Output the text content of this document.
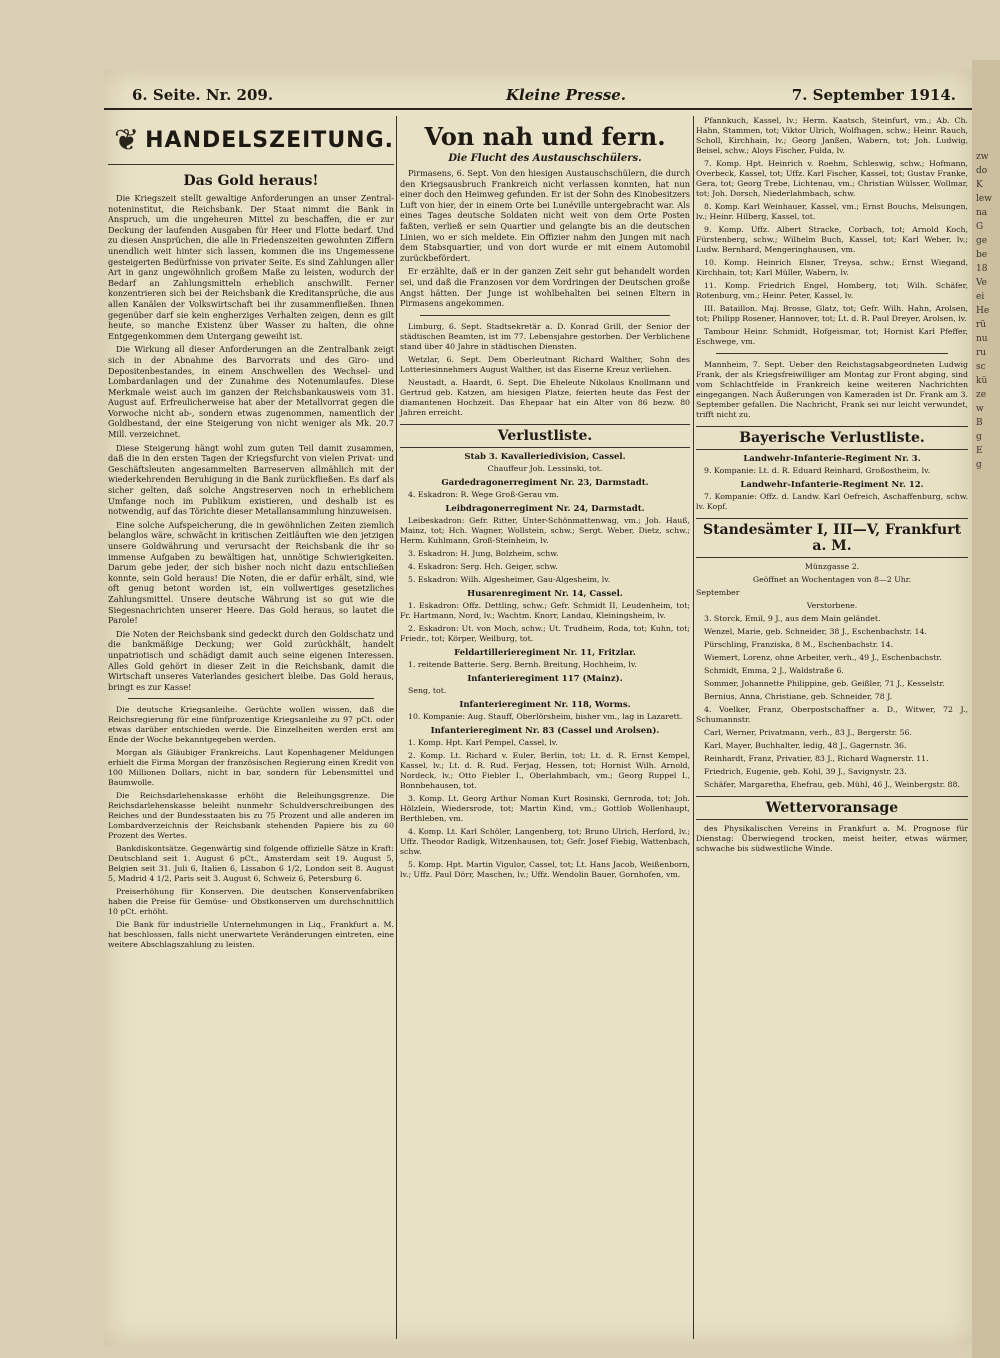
zw
do
K
lew
na
G
ge
be
18
Ve
ei
He
rü
nu
ru
sc
kü
ze
w
B
g
E
g
6. Seite. Nr. 209.	Kleine Presse.	7. September 1914.
❦ HANDELSZEITUNG.
Das Gold heraus!

Die Kriegszeit stellt gewaltige Anforderungen an unser Zentral-noteninstitut, die Reichsbank. Der Staat nimmt die Bank in Anspruch, um die ungeheuren Mittel zu beschaffen, die er zur Deckung der laufenden Ausgaben für Heer und Flotte bedarf. Und zu diesen Ansprüchen, die alle in Friedenszeiten gewohnten Ziffern unendlich weit hinter sich lassen, kommen die ins Ungemessene gesteigerten Bedürfnisse von privater Seite. Es sind Zahlungen aller Art in ganz ungewöhnlich großem Maße zu leisten, wodurch der Bedarf an Zahlungsmitteln erheblich anschwillt. Ferner konzentrieren sich bei der Reichsbank die Kreditansprüche, die aus allen Kanälen der Volkswirtschaft bei ihr zusammenfließen. Ihnen gegenüber darf sie kein engherziges Verhalten zeigen, denn es gilt heute, so manche Existenz über Wasser zu halten, die ohne Entgegenkommen dem Untergang geweiht ist.

Die Wirkung all dieser Anforderungen an die Zentralbank zeigt sich in der Abnahme des Barvorrats und des Giro- und Depositenbestandes, in einem Anschwellen des Wechsel- und Lombardanlagen und der Zunahme des Notenumlaufes. Diese Merkmale weist auch im ganzen der Reichsbankausweis vom 31. August auf. Erfreulicherweise hat aber der Metallvorrat gegen die Vorwoche nicht ab-, sondern etwas zugenommen, namentlich der Goldbestand, der eine Steigerung von nicht weniger als Mk. 20.7 Mill. verzeichnet.

Diese Steigerung hängt wohl zum guten Teil damit zusammen, daß die in den ersten Tagen der Kriegsfurcht von vielen Privat- und Geschäftsleuten angesammelten Barreserven allmählich mit der wiederkehrenden Beruhigung in die Bank zurückfließen. Es darf als sicher gelten, daß solche Angstreserven noch in erheblichem Umfange noch im Publikum existieren, und deshalb ist es notwendig, auf das Törichte dieser Metallansammlung hinzuweisen.

Eine solche Aufspeicherung, die in gewöhnlichen Zeiten ziemlich belanglos wäre, schwächt in kritischen Zeitläuften wie den jetzigen unsere Goldwährung und verursacht der Reichsbank die ihr so immense Aufgaben zu bewältigen hat, unnötige Schwierigkeiten. Darum gebe jeder, der sich bisher noch nicht dazu entschließen konnte, sein Gold heraus! Die Noten, die er dafür erhält, sind, wie oft genug betont worden ist, ein vollwertiges gesetzliches Zahlungsmittel. Unsere deutsche Währung ist so gut wie die Siegesnachrichten unserer Heere. Das Gold heraus, so lautet die Parole!

Die Noten der Reichsbank sind gedeckt durch den Goldschatz und die bankmäßige Deckung; wer Gold zurückhält, handelt unpatriotisch und schädigt damit auch seine eigenen Interessen. Alles Gold gehört in dieser Zeit in die Reichsbank, damit die Wirtschaft unseres Vaterlandes gesichert bleibe. Das Gold heraus, bringt es zur Kasse!

Die deutsche Kriegsanleihe. Gerüchte wollen wissen, daß die Reichsregierung für eine fünfprozentige Kriegsanleihe zu 97 pCt. oder etwas darüber entschieden werde. Die Einzelheiten werden erst am Ende der Woche bekanntgegeben werden.

Morgan als Gläubiger Frankreichs. Laut Kopenhagener Meldungen erhielt die Firma Morgan der französischen Regierung einen Kredit von 100 Millionen Dollars, nicht in bar, sondern für Lebensmittel und Baumwolle.

Die Reichsdarlehenskasse erhöht die Beleihungsgrenze. Die Reichsdarlehenskasse beleiht nunmehr Schuldverschreibungen des Reiches und der Bundesstaaten bis zu 75 Prozent und alle anderen im Lombardverzeichnis der Reichsbank stehenden Papiere bis zu 60 Prozent des Wertes.

Bankdiskontsätze. Gegenwärtig sind folgende offizielle Sätze in Kraft: Deutschland seit 1. August 6 pCt., Amsterdam seit 19. August 5, Belgien seit 31. Juli 6, Italien 6, Lissabon 6 1/2, London seit 8. August 5, Madrid 4 1/2, Paris seit 3. August 6, Schweiz 6, Petersburg 6.

Preiserhöhung für Konserven. Die deutschen Konservenfabriken haben die Preise für Gemüse- und Obstkonserven um durchschnittlich 10 pCt. erhöht.

Die Bank für industrielle Unternehmungen in Liq., Frankfurt a. M. hat beschlossen, falls nicht unerwartete Veränderungen eintreten, eine weitere Abschlagszahlung zu leisten.

Von nah und fern.
Die Flucht des Austauschschülers.

Pirmasens, 6. Sept. Von den hiesigen Austauschschülern, die durch den Kriegsausbruch Frankreich nicht verlassen konnten, hat nun einer doch den Heimweg gefunden. Er ist der Sohn des Kinobesitzers Luft von hier, der in einem Orte bei Lunéville untergebracht war. Als eines Tages deutsche Soldaten nicht weit von dem Orte Posten faßten, verließ er sein Quartier und gelangte bis an die deutschen Linien, wo er sich meldete. Ein Offizier nahm den Jungen mit nach dem Stabsquartier, und von dort wurde er mit einem Automobil zurückbefördert.

Er erzählte, daß er in der ganzen Zeit sehr gut behandelt worden sei, und daß die Franzosen vor dem Vordringen der Deutschen große Angst hätten. Der Junge ist wohlbehalten bei seinen Eltern in Pirmasens angekommen.

Limburg, 6. Sept. Stadtsekretär a. D. Konrad Grill, der Senior der städtischen Beamten, ist im 77. Lebensjahre gestorben. Der Verblichene stand über 40 Jahre in städtischen Diensten.

Wetzlar, 6. Sept. Dem Oberleutnant Richard Walther, Sohn des Lotteriesinnehmers August Walther, ist das Eiserne Kreuz verliehen.

Neustadt, a. Haardt, 6. Sept. Die Eheleute Nikolaus Knollmann und Gertrud geb. Katzen, am hiesigen Platze, feierten heute das Fest der diamantenen Hochzeit. Das Ehepaar hat ein Alter von 86 bezw. 80 Jahren erreicht.

Verlustliste.
Stab 3. Kavalleriedivision, Cassel.

Chauffeur Joh. Lessinski, tot.

Gardedragonerregiment Nr. 23, Darmstadt.

4. Eskadron: R. Wege Groß-Gerau vm.

Leibdragonerregiment Nr. 24, Darmstadt.

Leibeskadron: Gefr. Ritter, Unter-Schönmattenwag, vm.; Joh. Hauß, Mainz, tot; Hch. Wagner, Wollstein, schw.; Sergt. Weber, Dietz, schw.; Herm. Kuhlmann, Groß-Steinheim, lv.

3. Eskadron: H. Jung, Bolzheim, schw.

4. Eskadron: Serg. Hch. Geiger, schw.

5. Eskadron: Wilh. Algesheimer, Gau-Algesheim, lv.

Husarenregiment Nr. 14, Cassel.

1. Eskadron: Offz. Dettling, schw.; Gefr. Schmidt II, Leudenheim, tot; Fr. Hartmann, Nord, lv.; Wachtm. Knorr, Landau, Kleiningsheim, lv.

2. Eskadron: Ut. von Moch, schw.; Ut. Trudheim, Roda, tot; Kuhn, tot; Friedr., tot; Körper, Weilburg, tot.

Feldartillerieregiment Nr. 11, Fritzlar.

1. reitende Batterie. Serg. Bernh. Breitung, Hochheim, lv.

Infanterieregiment 117 (Mainz).

Seng, tot.

Infanterieregiment Nr. 118, Worms.

10. Kompanie: Aug. Stauff, Oberlörsheim, bisher vm., lag in Lazarett.

Infanterieregiment Nr. 83 (Cassel und Arolsen).

1. Komp. Hpt. Karl Pempel, Cassel, lv.

2. Komp. Lt. Richard v. Euler, Berlin, tot; Lt. d. R. Ernst Kempel, Kassel, lv.; Lt. d. R. Rud. Ferjag, Hessen, tot; Hornist Wilh. Arnold, Nordeck, lv.; Otto Fiebler I., Oberlahmbach, vm.; Georg Ruppel I., Bonnbehausen, tot.

3. Komp. Lt. Georg Arthur Noman Kurt Rosinski, Gernroda, tot; Joh. Hölzlein, Wiedersrode, tot; Martin Kind, vm.; Gottlob Wollenhaupt, Berthleben, vm.

4. Komp. Lt. Karl Schöler, Langenberg, tot; Bruno Ulrich, Herford, lv.; Uffz. Theodor Radigk, Witzenhausen, tot; Gefr. Josef Fiebig, Wattenbach, schw.

5. Komp. Hpt. Martin Vigulor, Cassel, tot; Lt. Hans Jacob, Weißenborn, lv.; Uffz. Paul Dörr, Maschen, lv.; Uffz. Wendolin Bauer, Gornhofen, vm.

Pfannkuch, Kassel, lv.; Herm. Kaatsch, Steinfurt, vm.; Ab. Ch. Hahn, Stammen, tot; Viktor Ulrich, Wolfhagen, schw.; Heinr. Rauch, Scholl, Kirchhain, lv.; Georg Janßen, Wabern, tot; Joh. Ludwig, Beisel, schw.; Aloys Fischer, Fulda, lv.

7. Komp. Hpt. Heinrich v. Roehm, Schleswig, schw.; Hofmann, Overbeck, Kassel, tot; Uffz. Karl Fischer, Kassel, tot; Gustav Franke, Gera, tot; Georg Trebe, Lichtenau, vm.; Christian Wülsser, Wollmar, tot; Joh. Dorsch, Niederlahmbach, schw.

8. Komp. Karl Weinhauer, Kassel, vm.; Ernst Bouchs, Melsungen, lv.; Heinr. Hilberg, Kassel, tot.

9. Komp. Uffz. Albert Stracke, Corbach, tot; Arnold Koch, Fürstenberg, schw.; Wilhelm Buch, Kassel, tot; Karl Weber, lv.; Ludw. Bernhard, Mengeringhausen, vm.

10. Komp. Heinrich Elsner, Treysa, schw.; Ernst Wiegand, Kirchhain, tot; Karl Müller, Wabern, lv.

11. Komp. Friedrich Engel, Homberg, tot; Wilh. Schäfer, Rotenburg, vm.; Heinr. Peter, Kassel, lv.

III. Bataillon. Maj. Brosse, Glatz, tot; Gefr. Wilh. Hahn, Arolsen, tot; Philipp Rosener, Hannover, tot; Lt. d. R. Paul Dreyer, Arolsen, lv.

Tambour Heinr. Schmidt, Hofgeismar, tot; Hornist Karl Pfeffer, Eschwege, vm.

Mannheim, 7. Sept. Ueber den Reichstagsabgeordneten Ludwig Frank, der als Kriegsfreiwilliger am Montag zur Front abging, sind vom Schlachtfelde in Frankreich keine weiteren Nachrichten eingegangen. Nach Äußerungen von Kameraden ist Dr. Frank am 3. September gefallen. Die Nachricht, Frank sei nur leicht verwundet, trifft nicht zu.

Bayerische Verlustliste.
Landwehr-Infanterie-Regiment Nr. 3.

9. Kompanie: Lt. d. R. Eduard Reinhard, Großostheim, lv.

Landwehr-Infanterie-Regiment Nr. 12.

7. Kompanie: Offz. d. Landw. Karl Oefreich, Aschaffenburg, schw. lv. Kopf.

Standesämter I, III—V, Frankfurt a. M.

Münzgasse 2.

Geöffnet an Wochentagen von 8—2 Uhr.

September

Verstorbene.

3. Storck, Emil, 9 J., aus dem Main geländet.

Wenzel, Marie, geb. Schneider, 38 J., Eschenbachstr. 14.

Pürschling, Franziska, 8 M., Eschenbachstr. 14.

Wiemert, Lorenz, ohne Arbeiter, verh., 49 J., Eschenbachstr.

Schmidt, Emma, 2 J., Waldstraße 6.

Sommer, Johannette Philippine, geb. Geißler, 71 J., Kesselstr.

Bernius, Anna, Christiane, geb. Schneider, 78 J.

4. Voelker, Franz, Oberpostschaffner a. D., Witwer, 72 J., Schumannstr.

Carl, Werner, Privatmann, verh., 83 J., Bergerstr. 56.

Karl, Mayer, Buchhalter, ledig, 48 J., Gagernstr. 36.

Reinhardt, Franz, Privatier, 83 J., Richard Wagnerstr. 11.

Friedrich, Eugenie, geb. Kohl, 39 J., Savignystr. 23.

Schäfer, Margaretha, Ehefrau, geb. Mühl, 46 J., Weinbergstr. 88.

Wettervoransage

des Physikalischen Vereins in Frankfurt a. M. Prognose für Dienstag: Überwiegend trocken, meist heiter, etwas wärmer, schwache bis südwestliche Winde.
